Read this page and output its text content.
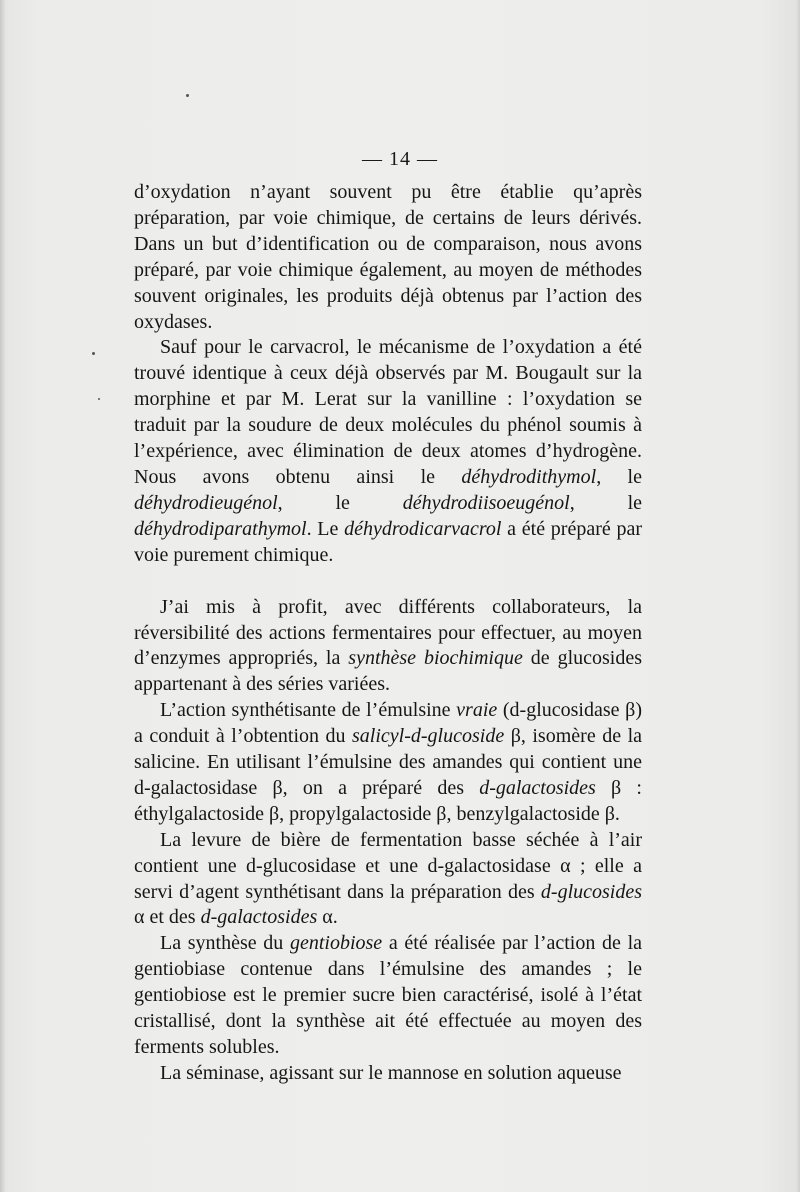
— 14 —

d’oxydation n’ayant souvent pu être établie qu’après préparation, par voie chimique, de certains de leurs dérivés. Dans un but d’identification ou de comparaison, nous avons préparé, par voie chimique également, au moyen de méthodes souvent originales, les produits déjà obtenus par l’action des oxydases.

Sauf pour le carvacrol, le mécanisme de l’oxydation a été trouvé identique à ceux déjà observés par M. Bougault sur la morphine et par M. Lerat sur la vanilline : l’oxydation se traduit par la soudure de deux molécules du phénol soumis à l’expérience, avec élimination de deux atomes d’hydrogène. Nous avons obtenu ainsi le déhydrodithymol, le déhydrodieugénol, le déhydrodiisoeugénol, le déhydrodiparathymol. Le déhydrodicarvacrol a été préparé par voie purement chimique.

J’ai mis à profit, avec différents collaborateurs, la réversibilité des actions fermentaires pour effectuer, au moyen d’enzymes appropriés, la synthèse biochimique de glucosides appartenant à des séries variées.

L’action synthétisante de l’émulsine vraie (d-glucosidase β) a conduit à l’obtention du salicyl-d-glucoside β, isomère de la salicine. En utilisant l’émulsine des amandes qui contient une d-galactosidase β, on a préparé des d-galactosides β : éthylgalactoside β, propylgalactoside β, benzylgalactoside β.

La levure de bière de fermentation basse séchée à l’air contient une d-glucosidase et une d-galactosidase α ; elle a servi d’agent synthétisant dans la préparation des d-glucosides α et des d-galactosides α.

La synthèse du gentiobiose a été réalisée par l’action de la gentiobiase contenue dans l’émulsine des amandes ; le gentiobiose est le premier sucre bien caractérisé, isolé à l’état cristallisé, dont la synthèse ait été effectuée au moyen des ferments solubles.

La séminase, agissant sur le mannose en solution aqueuse
